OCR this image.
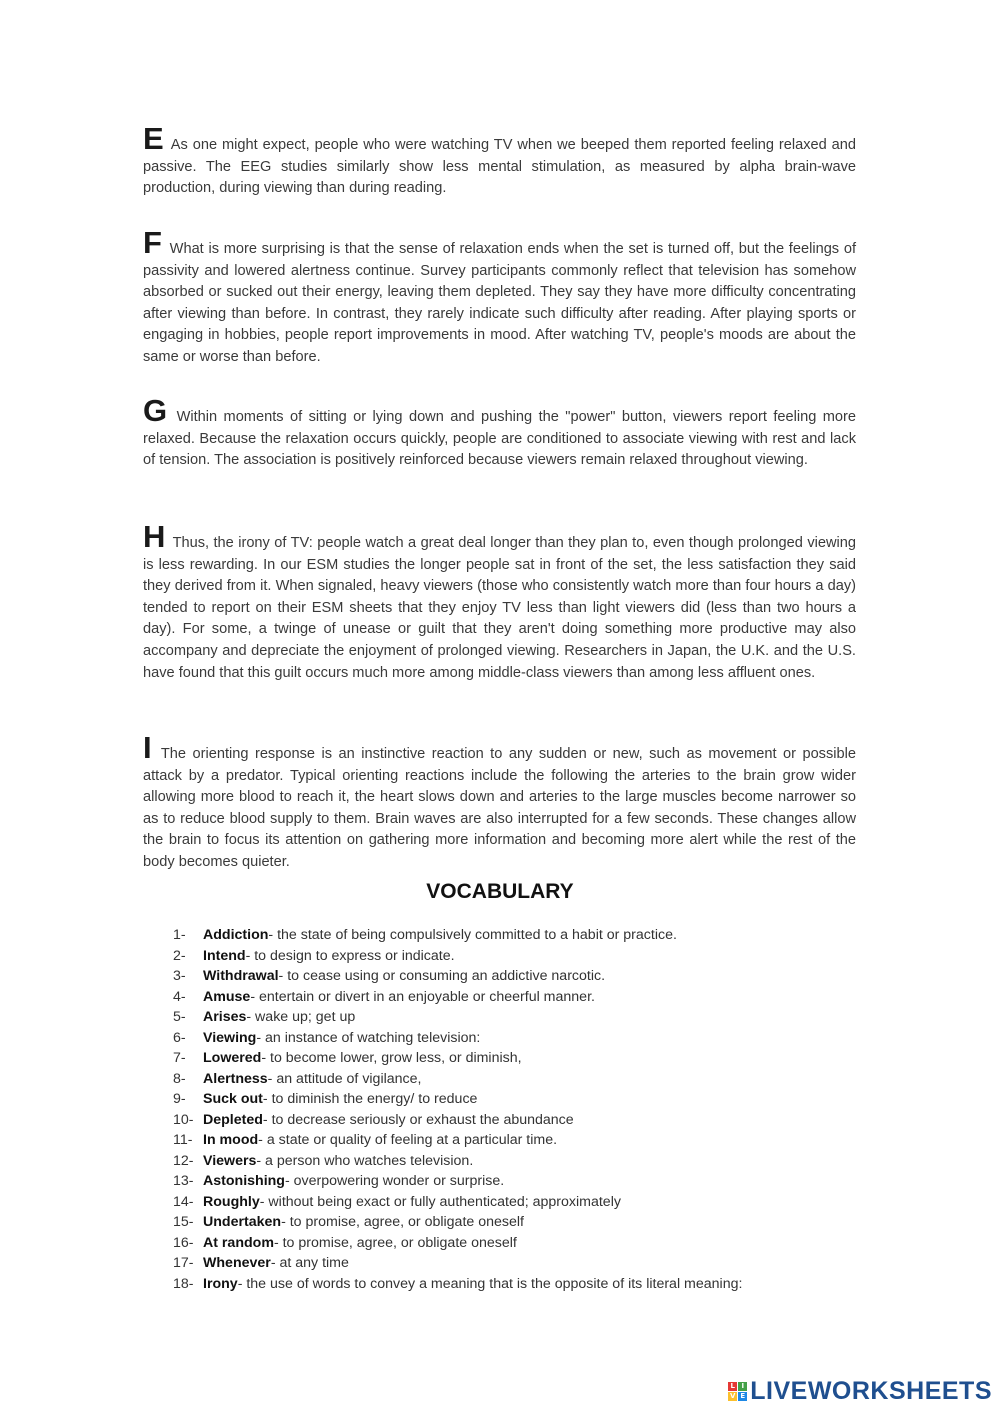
E As one might expect, people who were watching TV when we beeped them reported feeling relaxed and passive. The EEG studies similarly show less mental stimulation, as measured by alpha brain-wave production, during viewing than during reading.

F What is more surprising is that the sense of relaxation ends when the set is turned off, but the feelings of passivity and lowered alertness continue. Survey participants commonly reflect that television has somehow absorbed or sucked out their energy, leaving them depleted. They say they have more difficulty concentrating after viewing than before. In contrast, they rarely indicate such difficulty after reading. After playing sports or engaging in hobbies, people report improvements in mood. After watching TV, people's moods are about the same or worse than before.

G Within moments of sitting or lying down and pushing the "power" button, viewers report feeling more relaxed. Because the relaxation occurs quickly, people are conditioned to associate viewing with rest and lack of tension. The association is positively reinforced because viewers remain relaxed throughout viewing.

H Thus, the irony of TV: people watch a great deal longer than they plan to, even though prolonged viewing is less rewarding. In our ESM studies the longer people sat in front of the set, the less satisfaction they said they derived from it. When signaled, heavy viewers (those who consistently watch more than four hours a day) tended to report on their ESM sheets that they enjoy TV less than light viewers did (less than two hours a day). For some, a twinge of unease or guilt that they aren't doing something more productive may also accompany and depreciate the enjoyment of prolonged viewing. Researchers in Japan, the U.K. and the U.S. have found that this guilt occurs much more among middle-class viewers than among less affluent ones.

I The orienting response is an instinctive reaction to any sudden or new, such as movement or possible attack by a predator. Typical orienting reactions include the following the arteries to the brain grow wider allowing more blood to reach it, the heart slows down and arteries to the large muscles become narrower so as to reduce blood supply to them. Brain waves are also interrupted for a few seconds. These changes allow the brain to focus its attention on gathering more information and becoming more alert while the rest of the body becomes quieter.

VOCABULARY
1- Addiction- the state of being compulsively committed to a habit or practice.
2- Intend- to design to express or indicate.
3- Withdrawal- to cease using or consuming an addictive narcotic.
4- Amuse- entertain or divert in an enjoyable or cheerful manner.
5- Arises- wake up; get up
6- Viewing- an instance of watching television:
7- Lowered- to become lower, grow less, or diminish,
8- Alertness- an attitude of vigilance,
9- Suck out- to diminish the energy/ to reduce
10- Depleted- to decrease seriously or exhaust the abundance
11- In mood- a state or quality of feeling at a particular time.
12- Viewers- a person who watches television.
13- Astonishing- overpowering wonder or surprise.
14- Roughly- without being exact or fully authenticated; approximately
15- Undertaken- to promise, agree, or obligate oneself
16- At random- to promise, agree, or obligate oneself
17- Whenever- at any time
18- Irony- the use of words to convey a meaning that is the opposite of its literal meaning:
L I
V E LIVEWORKSHEETS
